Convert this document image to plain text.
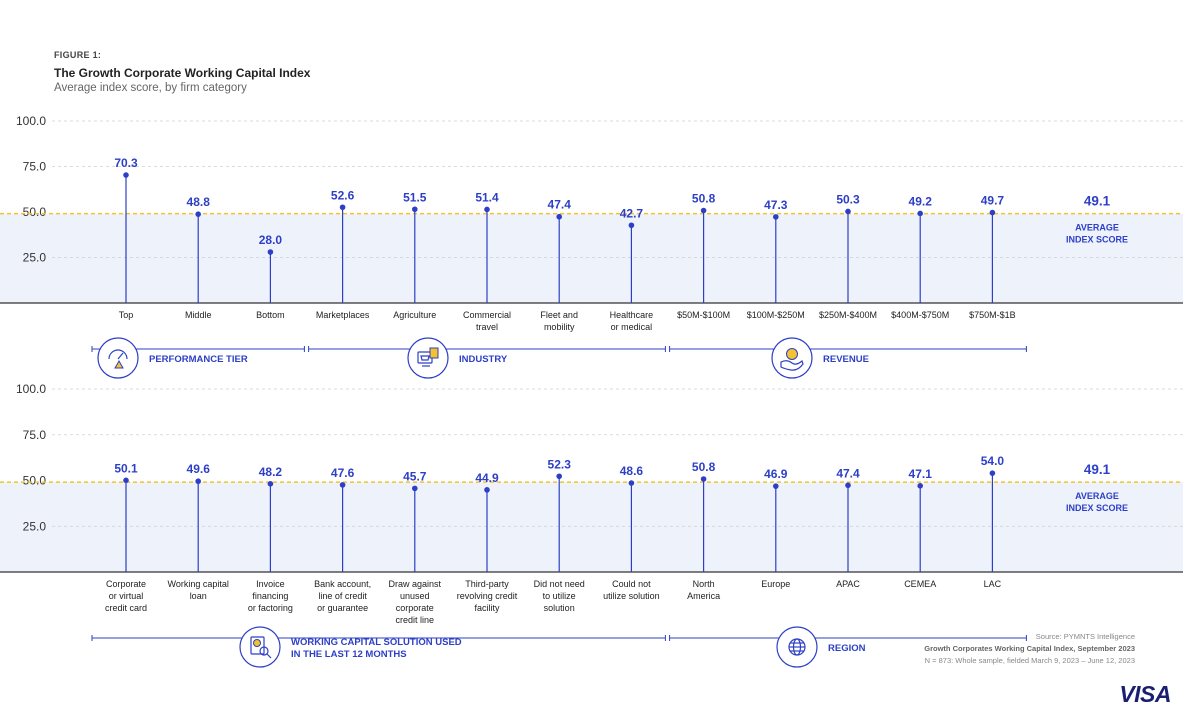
FIGURE 1:
The Growth Corporate Working Capital Index
Average index score, by firm category
100.0
75.0
50.0
25.0
70.3
Top
48.8
Middle
28.0
Bottom
52.6
Marketplaces
51.5
Agriculture
51.4
Commercial
travel
47.4
Fleet and
mobility
42.7
Healthcare
or medical
50.8
$50M-$100M
47.3
$100M-$250M
50.3
$250M-$400M
49.2
$400M-$750M
49.7
$750M-$1B
49.1
AVERAGE
INDEX SCORE
PERFORMANCE TIER	INDUSTRY	REVENUE
100.0
75.0
50.0
25.0
50.1
Corporate
or virtual
credit card
49.6
Working capital
loan
48.2
Invoice
financing
or factoring
47.6
Bank account,
line of credit
or guarantee
45.7
Draw against
unused
corporate
credit line
44.9
Third-party
revolving credit
facility
52.3
Did not need
to utilize
solution
48.6
Could not
utilize solution
50.8
North
America
46.9
Europe
47.4
APAC
47.1
CEMEA
54.0
LAC
49.1
AVERAGE
INDEX SCORE
WORKING CAPITAL SOLUTION USED
IN THE LAST 12 MONTHS
REGION
Source: PYMNTS Intelligence
Growth Corporates Working Capital Index, September 2023
N = 873: Whole sample, fielded March 9, 2023 – June 12, 2023
VISA
